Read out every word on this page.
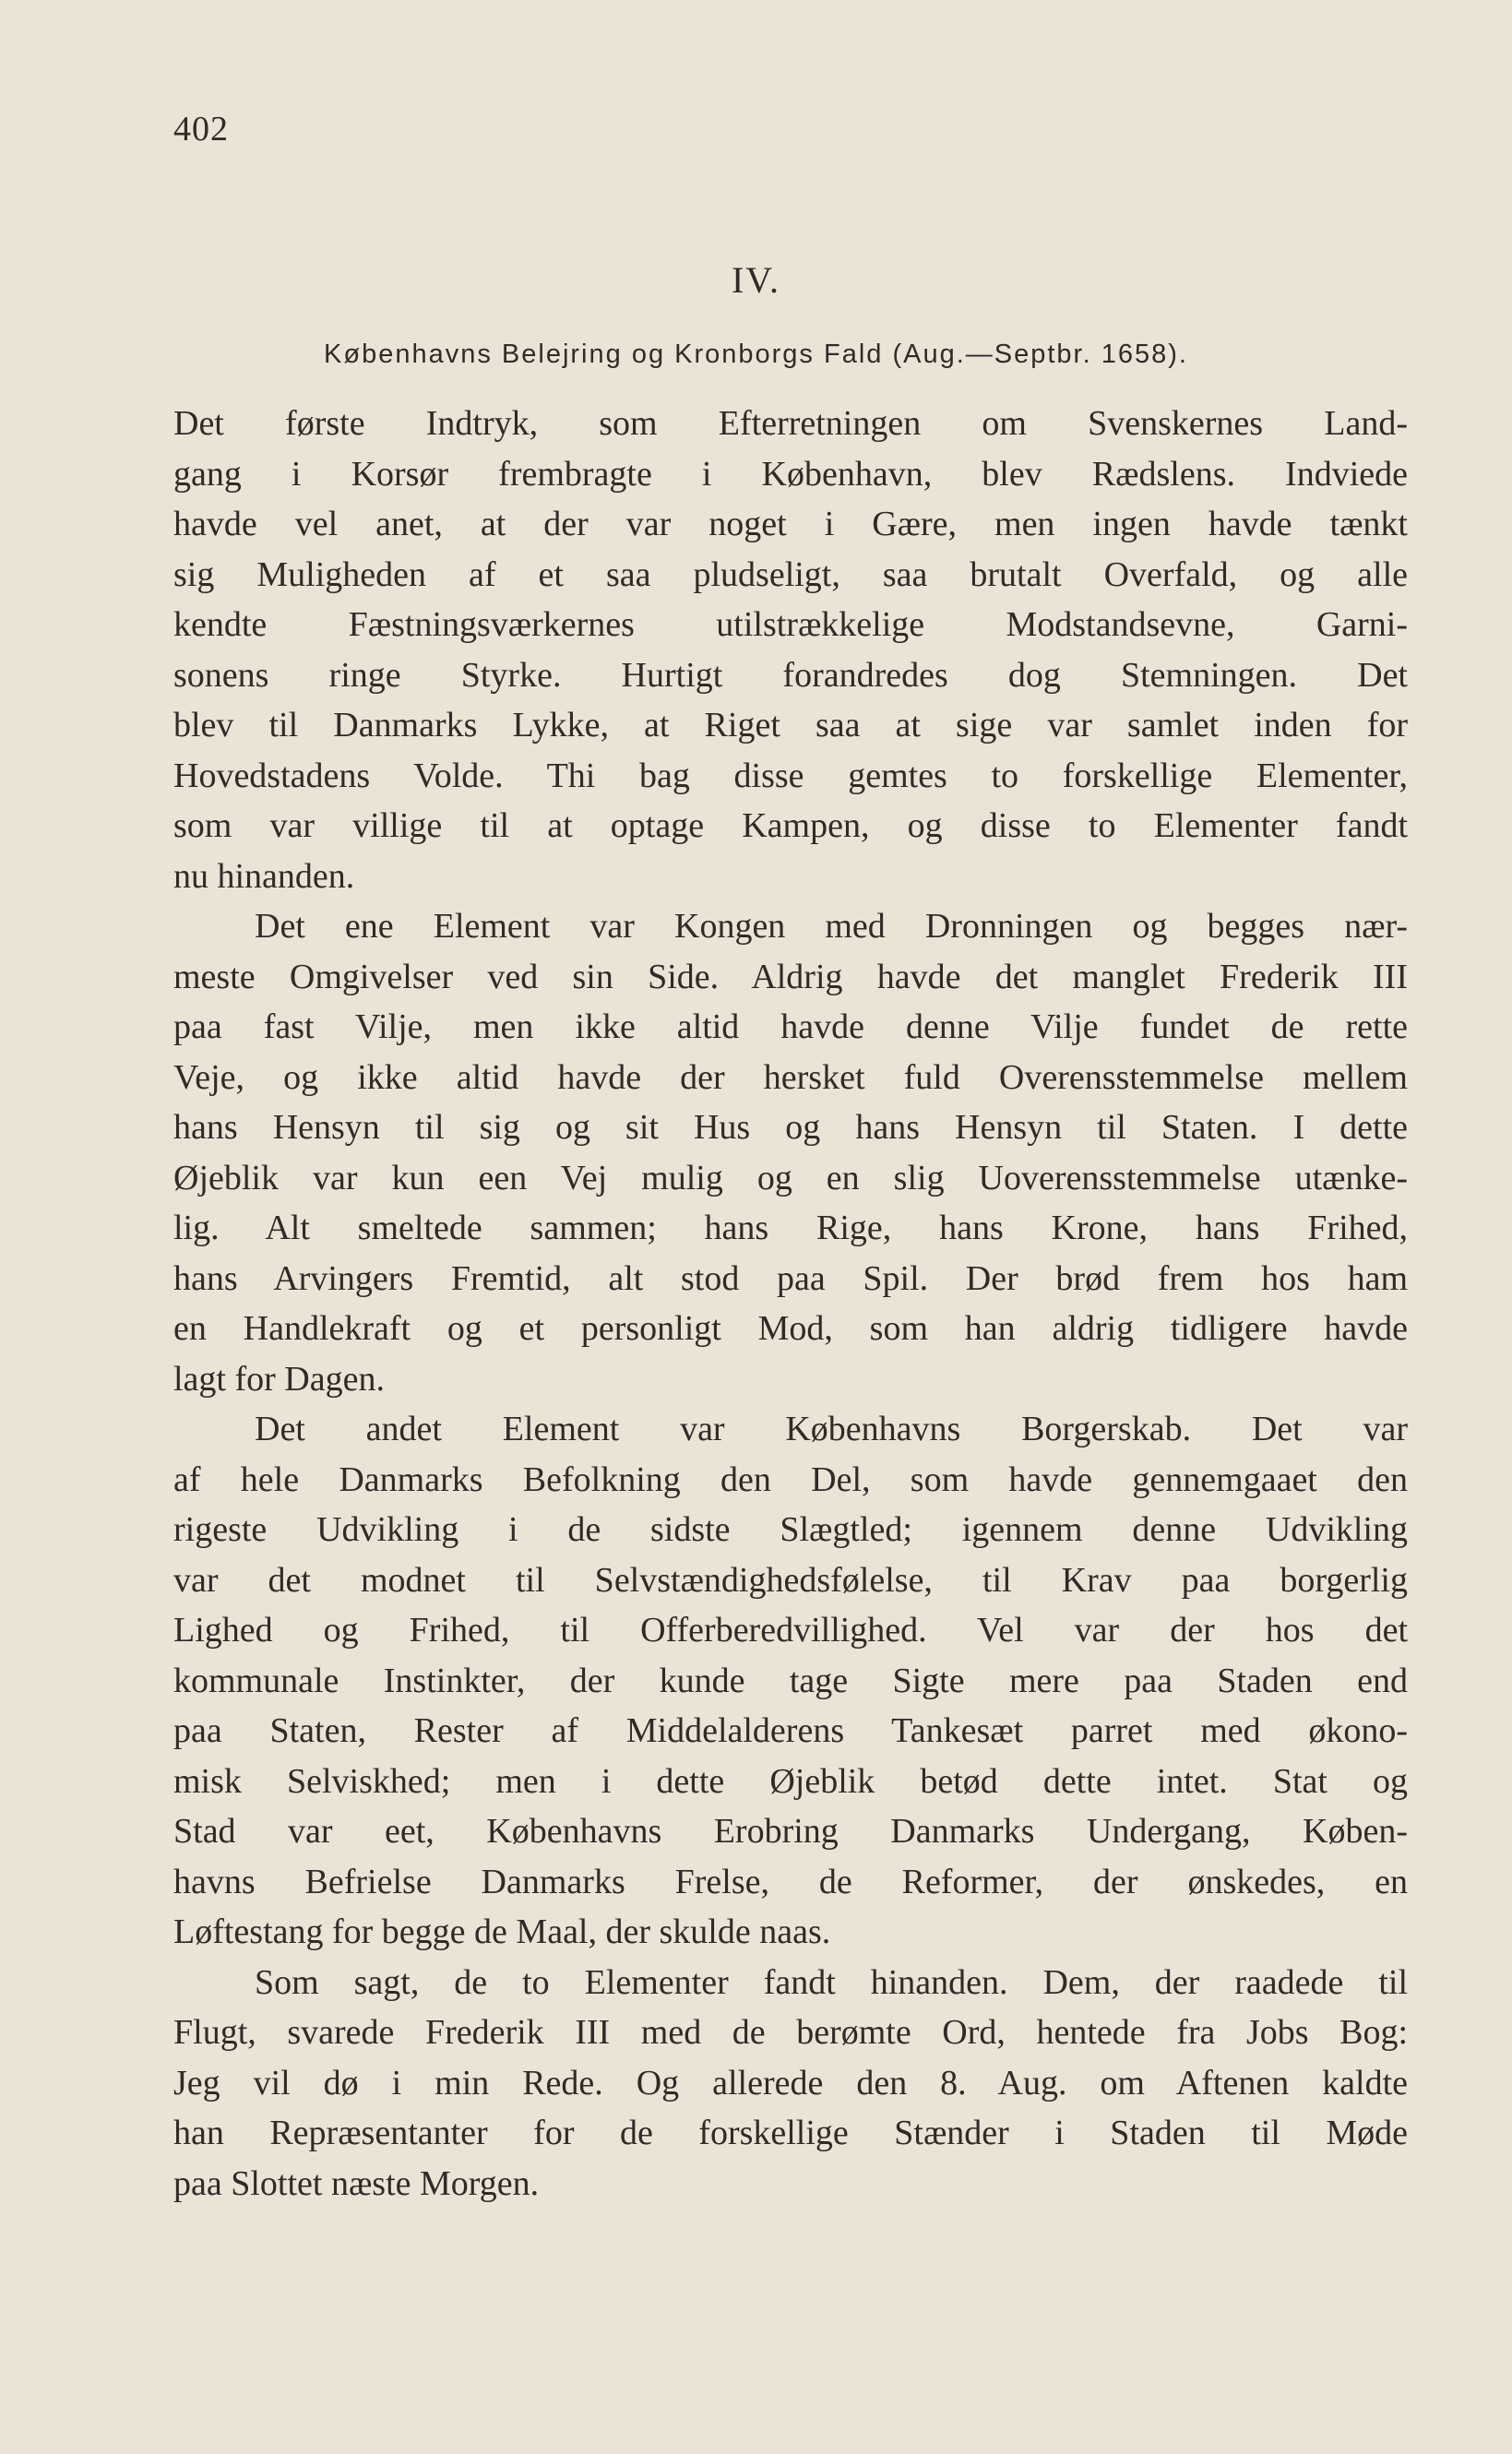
402
IV.
Københavns Belejring og Kronborgs Fald (Aug.—Septbr. 1658).
Det første Indtryk, som Efterretningen om Svenskernes Land-
gang i Korsør frembragte i København, blev Rædslens. Indviede
havde vel anet, at der var noget i Gære, men ingen havde tænkt
sig Muligheden af et saa pludseligt, saa brutalt Overfald, og alle
kendte Fæstningsværkernes utilstrækkelige Modstandsevne, Garni-
sonens ringe Styrke. Hurtigt forandredes dog Stemningen. Det
blev til Danmarks Lykke, at Riget saa at sige var samlet inden for
Hovedstadens Volde. Thi bag disse gemtes to forskellige Elementer,
som var villige til at optage Kampen, og disse to Elementer fandt
nu hinanden.
Det ene Element var Kongen med Dronningen og begges nær-
meste Omgivelser ved sin Side. Aldrig havde det manglet Frederik III
paa fast Vilje, men ikke altid havde denne Vilje fundet de rette
Veje, og ikke altid havde der hersket fuld Overensstemmelse mellem
hans Hensyn til sig og sit Hus og hans Hensyn til Staten. I dette
Øjeblik var kun een Vej mulig og en slig Uoverensstemmelse utænke-
lig. Alt smeltede sammen; hans Rige, hans Krone, hans Frihed,
hans Arvingers Fremtid, alt stod paa Spil. Der brød frem hos ham
en Handlekraft og et personligt Mod, som han aldrig tidligere havde
lagt for Dagen.
Det andet Element var Københavns Borgerskab. Det var
af hele Danmarks Befolkning den Del, som havde gennemgaaet den
rigeste Udvikling i de sidste Slægtled; igennem denne Udvikling
var det modnet til Selvstændighedsfølelse, til Krav paa borgerlig
Lighed og Frihed, til Offerberedvillighed. Vel var der hos det
kommunale Instinkter, der kunde tage Sigte mere paa Staden end
paa Staten, Rester af Middelalderens Tankesæt parret med økono-
misk Selviskhed; men i dette Øjeblik betød dette intet. Stat og
Stad var eet, Københavns Erobring Danmarks Undergang, Køben-
havns Befrielse Danmarks Frelse, de Reformer, der ønskedes, en
Løftestang for begge de Maal, der skulde naas.
Som sagt, de to Elementer fandt hinanden. Dem, der raadede til
Flugt, svarede Frederik III med de berømte Ord, hentede fra Jobs Bog:
Jeg vil dø i min Rede. Og allerede den 8. Aug. om Aftenen kaldte
han Repræsentanter for de forskellige Stænder i Staden til Møde
paa Slottet næste Morgen.
